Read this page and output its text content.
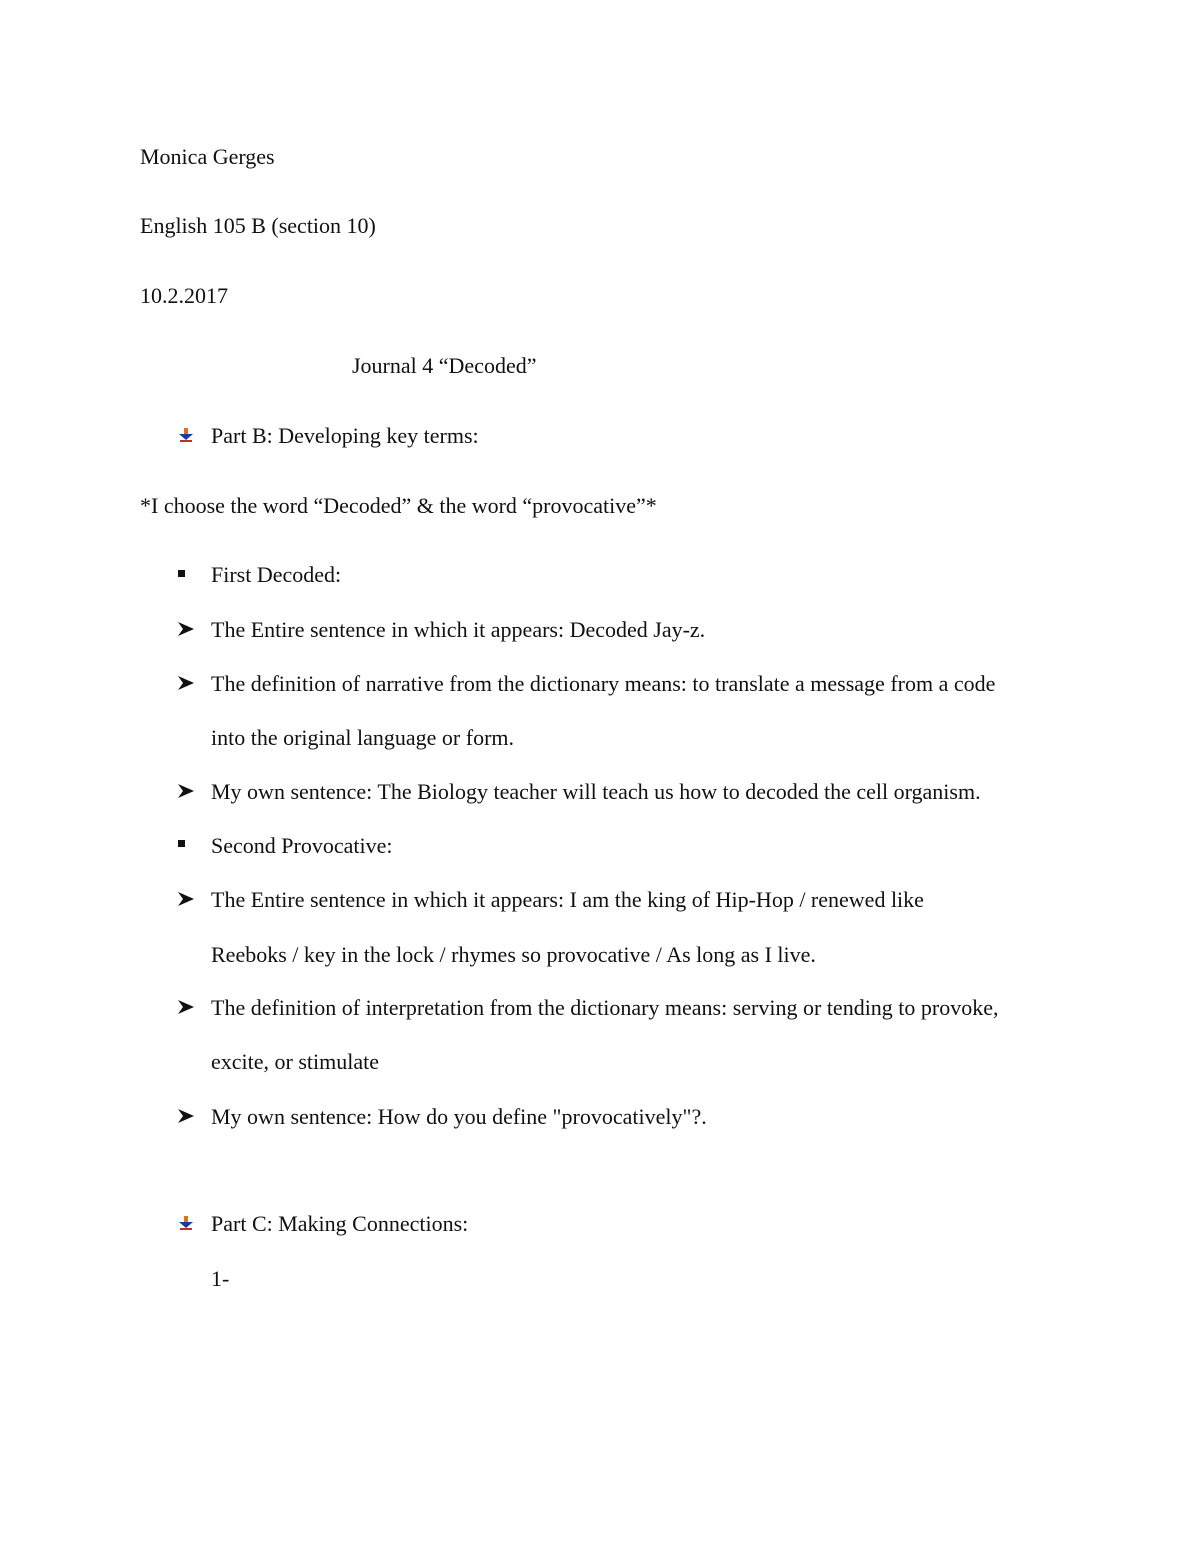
Monica Gerges
English 105 B (section 10)
10.2.2017
Journal 4 “Decoded”
Part B: Developing key terms:
*I choose the word “Decoded” & the word “provocative”*
First Decoded:
The Entire sentence in which it appears: Decoded Jay-z.
The definition of narrative from the dictionary means: to translate a message from a code
into the original language or form.
My own sentence: The Biology teacher will teach us how to decoded the cell organism.
Second Provocative:
The Entire sentence in which it appears: I am the king of Hip-Hop / renewed like
Reeboks / key in the lock / rhymes so provocative / As long as I live.
The definition of interpretation from the dictionary means: serving or tending to provoke,
excite, or stimulate
My own sentence: How do you define "provocatively"?.
Part C: Making Connections:
1-
